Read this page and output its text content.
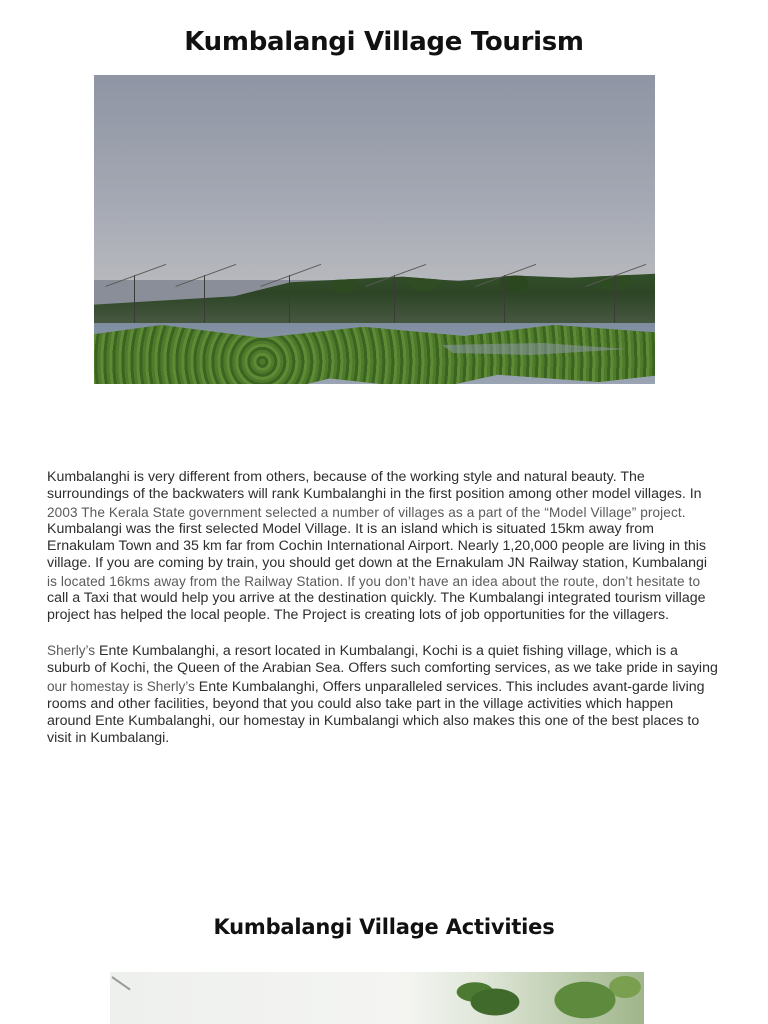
Kumbalangi Village Tourism
Kumbalanghi is very different from others, because of the working style and natural beauty. The
surroundings of the backwaters will rank Kumbalanghi in the first position among other model villages. In
2003 The Kerala State government selected a number of villages as a part of the “Model Village” project.
Kumbalangi was the first selected Model Village. It is an island which is situated 15km away from
Ernakulam Town and 35 km far from Cochin International Airport. Nearly 1,20,000 people are living in this
village. If you are coming by train, you should get down at the Ernakulam JN Railway station, Kumbalangi
is located 16kms away from the Railway Station. If you don’t have an idea about the route, don’t hesitate to
call a Taxi that would help you arrive at the destination quickly. The Kumbalangi integrated tourism village
project has helped the local people. The Project is creating lots of job opportunities for the villagers.
Sherly’s Ente Kumbalanghi, a resort located in Kumbalangi, Kochi is a quiet fishing village, which is a
suburb of Kochi, the Queen of the Arabian Sea. Offers such comforting services, as we take pride in saying
our homestay is Sherly’s Ente Kumbalanghi, Offers unparalleled services. This includes avant-garde living
rooms and other facilities, beyond that you could also take part in the village activities which happen
around Ente Kumbalanghi, our homestay in Kumbalangi which also makes this one of the best places to
visit in Kumbalangi.
Kumbalangi Village Activities
